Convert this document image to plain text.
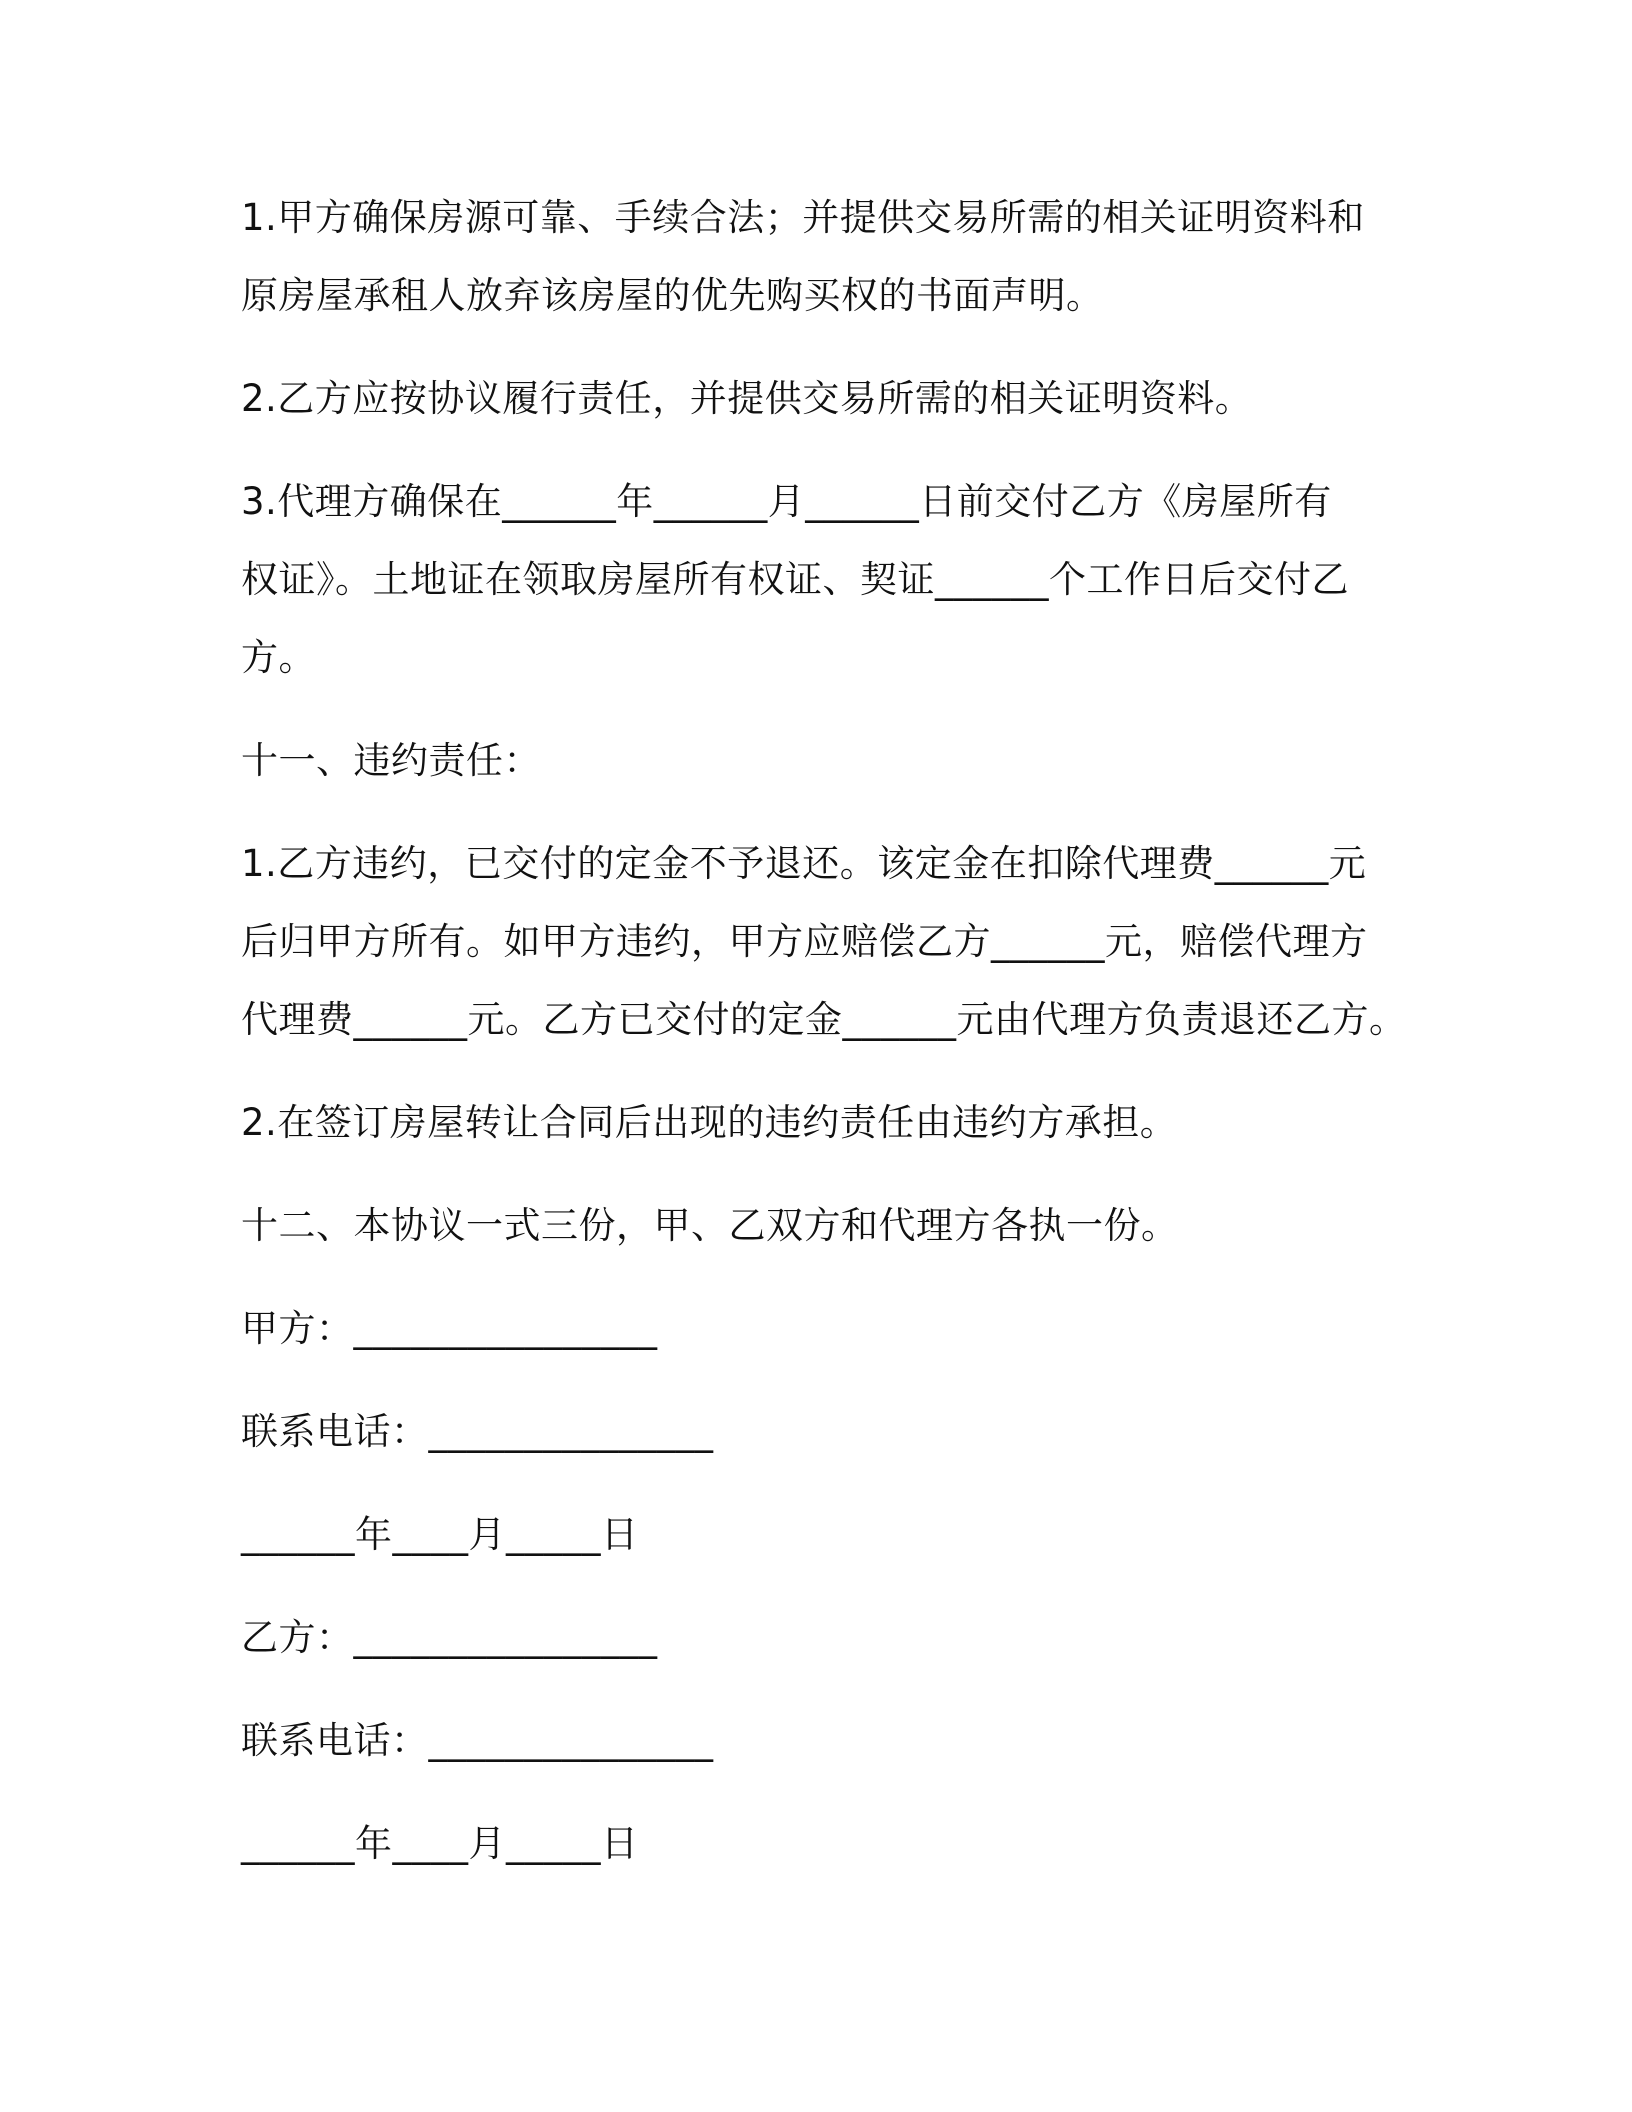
1.甲方确保房源可靠、手续合法；并提供交易所需的相关证明资料和
原房屋承租人放弃该房屋的优先购买权的书面声明。
2.乙方应按协议履行责任，并提供交易所需的相关证明资料。
3.代理方确保在______年______月______日前交付乙方《房屋所有
权证》。土地证在领取房屋所有权证、契证______个工作日后交付乙
方。
十一、违约责任：
1.乙方违约，已交付的定金不予退还。该定金在扣除代理费______元
后归甲方所有。如甲方违约，甲方应赔偿乙方______元，赔偿代理方
代理费______元。乙方已交付的定金______元由代理方负责退还乙方。
2.在签订房屋转让合同后出现的违约责任由违约方承担。
十二、本协议一式三份，甲、乙双方和代理方各执一份。
甲方：________________
联系电话：_______________
______年____月_____日
乙方：________________
联系电话：_______________
______年____月_____日
